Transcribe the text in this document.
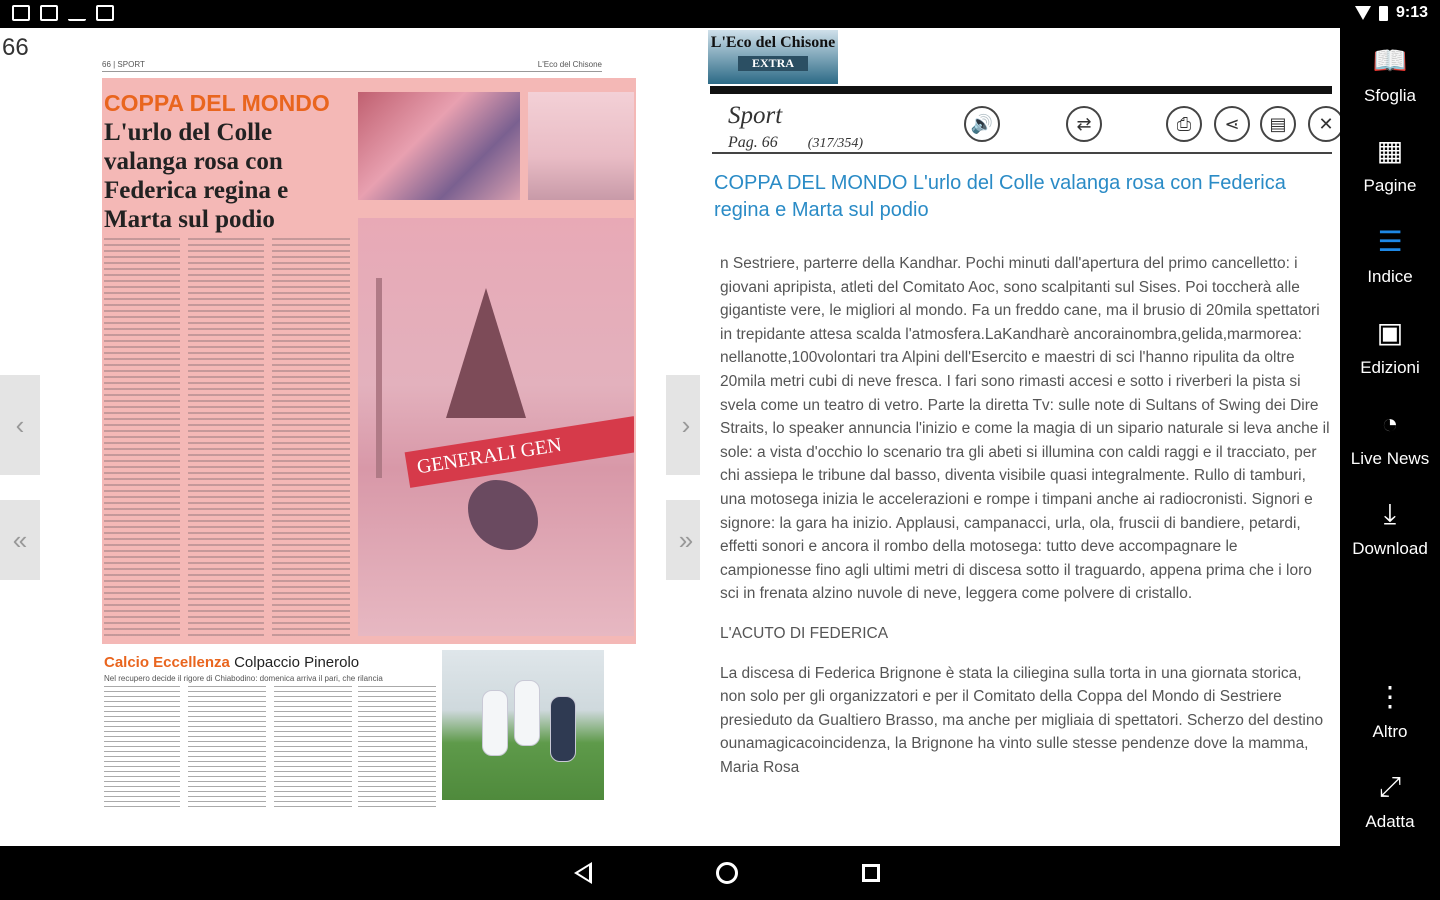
9:13
66
66 | SPORT	L'Eco del Chisone
COPPA DEL MONDO
L'urlo del Colle valanga rosa con Federica regina e Marta sul podio
GENERALI GEN
Calcio Eccellenza Colpaccio Pinerolo
Nel recupero decide il rigore di Chiabodino: domenica arriva il pari, che rilancia
‹
«
›
»
L'Eco del Chisone
EXTRA
Sport
Pag. 66 (317/354)
🔊	⇄	⎙ ⋖ ▤ ✕
COPPA DEL MONDO L'urlo del Colle valanga rosa con Federica regina e Marta sul podio

n Sestriere, parterre della Kandhar. Pochi minuti dall'apertura del primo cancelletto: i giovani apripista, atleti del Comitato Aoc, sono scalpitanti sul Sises. Poi toccherà alle gigantiste vere, le migliori al mondo. Fa un freddo cane, ma il brusio di 20mila spettatori in trepidante attesa scalda l'atmosfera.LaKandharè ancorainombra,gelida,marmorea: nellanotte,100volontari tra Alpini dell'Esercito e maestri di sci l'hanno ripulita da oltre 20mila metri cubi di neve fresca. I fari sono rimasti accesi e sotto i riverberi la pista si svela come un teatro di vetro. Parte la diretta Tv: sulle note di Sultans of Swing dei Dire Straits, lo speaker annuncia l'inizio e come la magia di un sipario naturale si leva anche il sole: a vista d'occhio lo scenario tra gli abeti si illumina con caldi raggi e il tracciato, per chi assiepa le tribune dal basso, diventa visibile quasi integralmente. Rullo di tamburi, una motosega inizia le accelerazioni e rompe i timpani anche ai radiocronisti. Signori e signore: la gara ha inizio. Applausi, campanacci, urla, ola, fruscii di bandiere, petardi, effetti sonori e ancora il rombo della motosega: tutto deve accompagnare le campionesse fino agli ultimi metri di discesa sotto il traguardo, appena prima che i loro sci in frenata alzino nuvole di neve, leggera come polvere di cristallo.

L'ACUTO DI FEDERICA

La discesa di Federica Brignone è stata la ciliegina sulla torta in una giornata storica, non solo per gli organizzatori e per il Comitato della Coppa del Mondo di Sestriere presieduto da Gualtiero Brasso, ma anche per migliaia di spettatori. Scherzo del destino ounamagicacoincidenza, la Brignone ha vinto sulle stesse pendenze dove la mamma, Maria Rosa

📖
Sfoglia
▦
Pagine
☰
Indice
▣
Edizioni
◔
Live News
⤓
Download
⋮
Altro
⤢
Adatta
